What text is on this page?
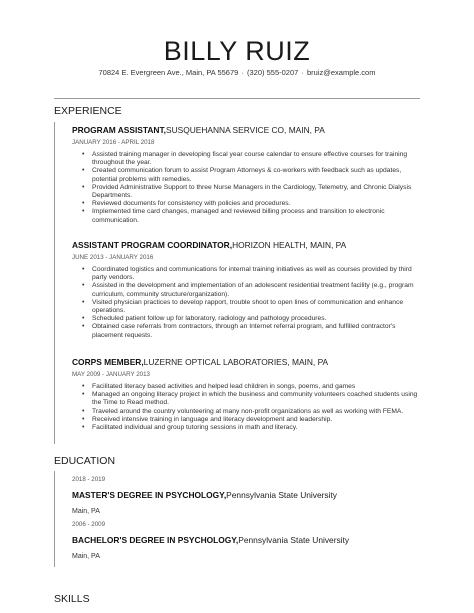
BILLY RUIZ
70824 E. Evergreen Ave., Main, PA 55679 · (320) 555-0207 · bruiz@example.com
EXPERIENCE
PROGRAM ASSISTANT,SUSQUEHANNA SERVICE CO, MAIN, PA
JANUARY 2016 - APRIL 2018
• Assisted training manager in developing fiscal year course calendar to ensure effective courses for training throughout the year.
• Created communication forum to assist Program Attorneys & co-workers with feedback such as updates, potential problems with remedies.
• Provided Administrative Support to three Nurse Managers in the Cardiology, Telemetry, and Chronic Dialysis Departments.
• Reviewed documents for consistency with policies and procedures.
• Implemented time card changes, managed and reviewed billing process and transition to electronic communication.
ASSISTANT PROGRAM COORDINATOR,HORIZON HEALTH, MAIN, PA
JUNE 2013 - JANUARY 2016
• Coordinated logistics and communications for internal training initiatives as well as courses provided by third party vendors.
• Assisted in the development and implementation of an adolescent residential treatment facility (e.g., program curriculum, community structure/organization).
• Visited physician practices to develop rapport, trouble shoot to open lines of communication and enhance operations.
• Scheduled patient follow up for laboratory, radiology and pathology procedures.
• Obtained case referrals from contractors, through an Internet referral program, and fulfilled contractor's placement requests.
CORPS MEMBER,LUZERNE OPTICAL LABORATORIES, MAIN, PA
MAY 2009 - JANUARY 2013
• Facilitated literacy based activities and helped lead children in songs, poems, and games
• Managed an ongoing literacy project in which the business and community volunteers coached students using the Time to Read method.
• Traveled around the country volunteering at many non-profit organizations as well as working with FEMA.
• Received intensive training in language and literacy development and leadership.
• Facilitated individual and group tutoring sessions in math and literacy.
EDUCATION
2018 - 2019
MASTER'S DEGREE IN PSYCHOLOGY,Pennsylvania State University
Main, PA
2006 - 2009
BACHELOR'S DEGREE IN PSYCHOLOGY,Pennsylvania State University
Main, PA
SKILLS
